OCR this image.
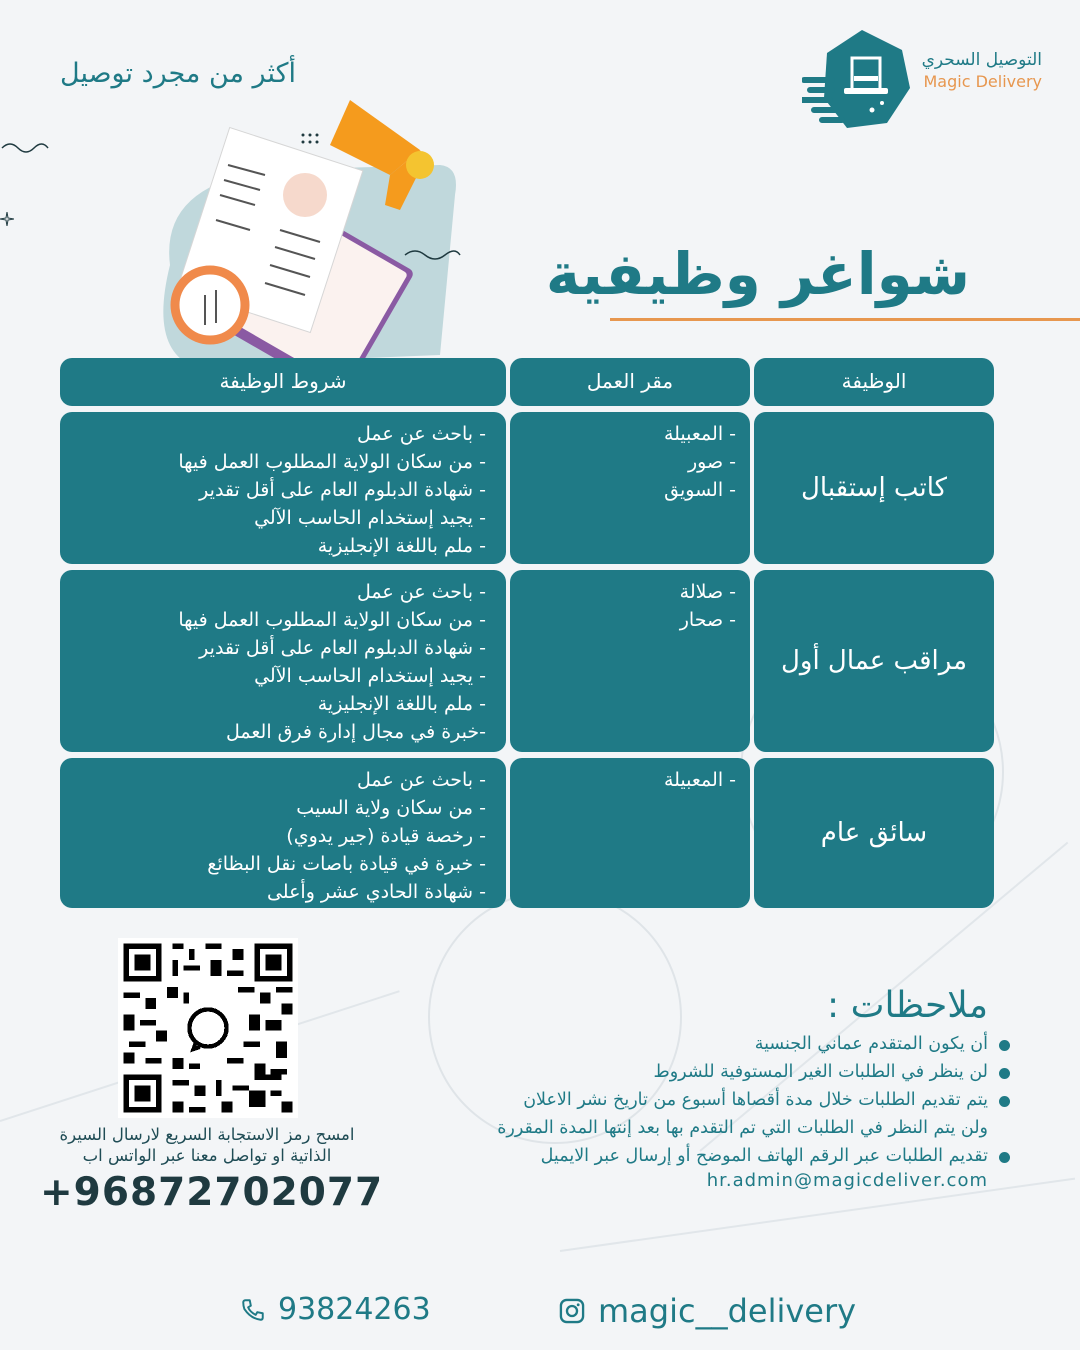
أكثر من مجرد توصيل	التوصيل السحري
Magic Delivery
شواغر وظيفية
الوظيفة
مقر العمل
شروط الوظيفة
كاتب إستقبال
- المعبيلة
- صور
- السويق
- باحث عن عمل
- من سكان الولاية المطلوب العمل فيها
- شهادة الدبلوم العام على أقل تقدير
- يجيد إستخدام الحاسب الآلي
- ملم باللغة الإنجليزية
مراقب عمال أول
- صلالة
- صحار
- باحث عن عمل
- من سكان الولاية المطلوب العمل فيها
- شهادة الدبلوم العام على أقل تقدير
- يجيد إستخدام الحاسب الآلي
- ملم باللغة الإنجليزية
-خبرة في مجال إدارة فرق العمل
سائق عام
- المعبيلة
- باحث عن عمل
- من سكان ولاية السيب
- رخصة قيادة (جير يدوي)
- خبرة في قيادة باصات نقل البظائع
- شهادة الحادي عشر وأعلى
ملاحظات :
أن يكون المتقدم عماني الجنسية
لن ينظر في الطلبات الغير المستوفية للشروط
يتم تقديم الطلبات خلال مدة أقصاها أسبوع من تاريخ نشر الاعلان
ولن يتم النظر في الطلبات التي تم التقدم بها بعد إنتها المدة المقررة
تقديم الطلبات عبر الرقم الهاتف الموضح أو إرسال عبر الايميل
hr.admin@magicdeliver.com
امسح رمز الاستجابة السريع لارسال السيرة
الذاتية او تواصل معنا عبر الواتس اب
+96872702077
93824263	magic__delivery
